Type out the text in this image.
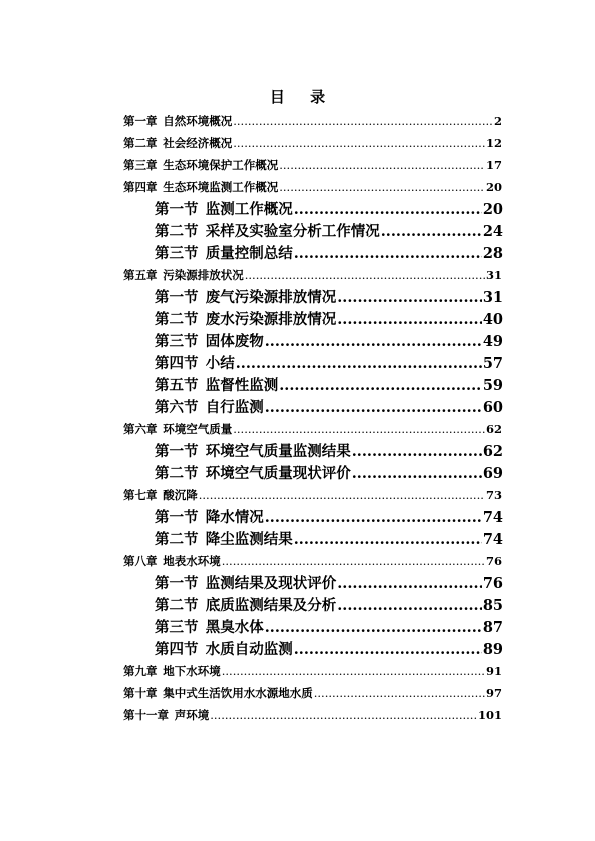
目 录
第一章 自然环境概况 .....	2
第二章 社会经济概况 .....	12
第三章 生态环境保护工作概况 .....	17
第四章 生态环境监测工作概况 .....	20
第一节 监测工作概况 .....	20
第二节 采样及实验室分析工作情况 .....	24
第三节 质量控制总结 .....	28
第五章 污染源排放状况 .....	31
第一节 废气污染源排放情况 .....	31
第二节 废水污染源排放情况 .....	40
第三节 固体废物 .....	49
第四节 小结 .....	57
第五节 监督性监测 .....	59
第六节 自行监测 .....	60
第六章 环境空气质量 .....	62
第一节 环境空气质量监测结果 .....	62
第二节 环境空气质量现状评价 .....	69
第七章 酸沉降 .....	73
第一节 降水情况 .....	74
第二节 降尘监测结果 .....	74
第八章 地表水环境 .....	76
第一节 监测结果及现状评价 .....	76
第二节 底质监测结果及分析 .....	85
第三节 黑臭水体 .....	87
第四节 水质自动监测 .....	89
第九章 地下水环境 .....	91
第十章 集中式生活饮用水水源地水质 .....	97
第十一章 声环境 .....	101
